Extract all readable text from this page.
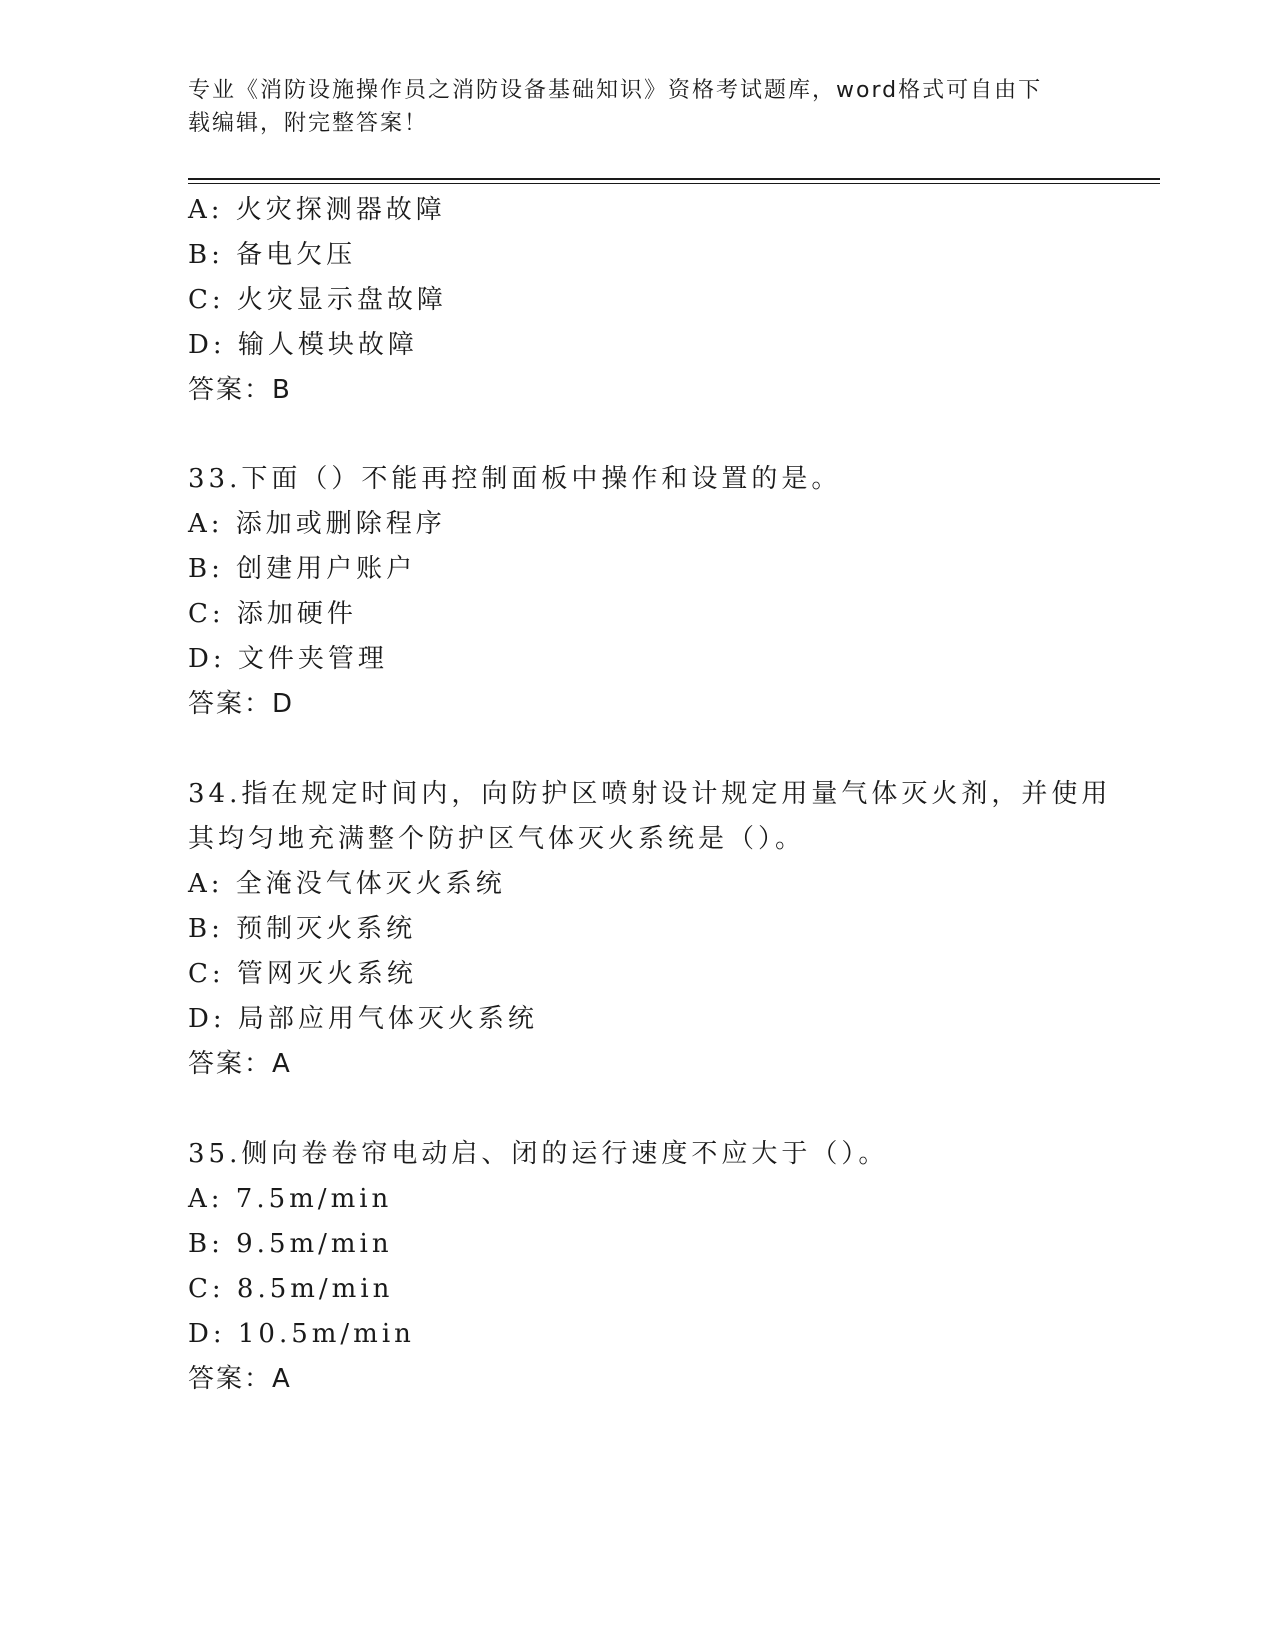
专业《消防设施操作员之消防设备基础知识》资格考试题库，word格式可自由下
载编辑，附完整答案！
A: 火灾探测器故障
B: 备电欠压
C: 火灾显示盘故障
D: 输人模块故障
答案：B
33.下面（）不能再控制面板中操作和设置的是。
A: 添加或删除程序
B: 创建用户账户
C: 添加硬件
D: 文件夹管理
答案：D
34.指在规定时间内，向防护区喷射设计规定用量气体灭火剂，并使用
其均匀地充满整个防护区气体灭火系统是（）。
A: 全淹没气体灭火系统
B: 预制灭火系统
C: 管网灭火系统
D: 局部应用气体灭火系统
答案：A
35.侧向卷卷帘电动启、闭的运行速度不应大于（）。
A: 7.5m/min
B: 9.5m/min
C: 8.5m/min
D: 10.5m/min
答案：A
